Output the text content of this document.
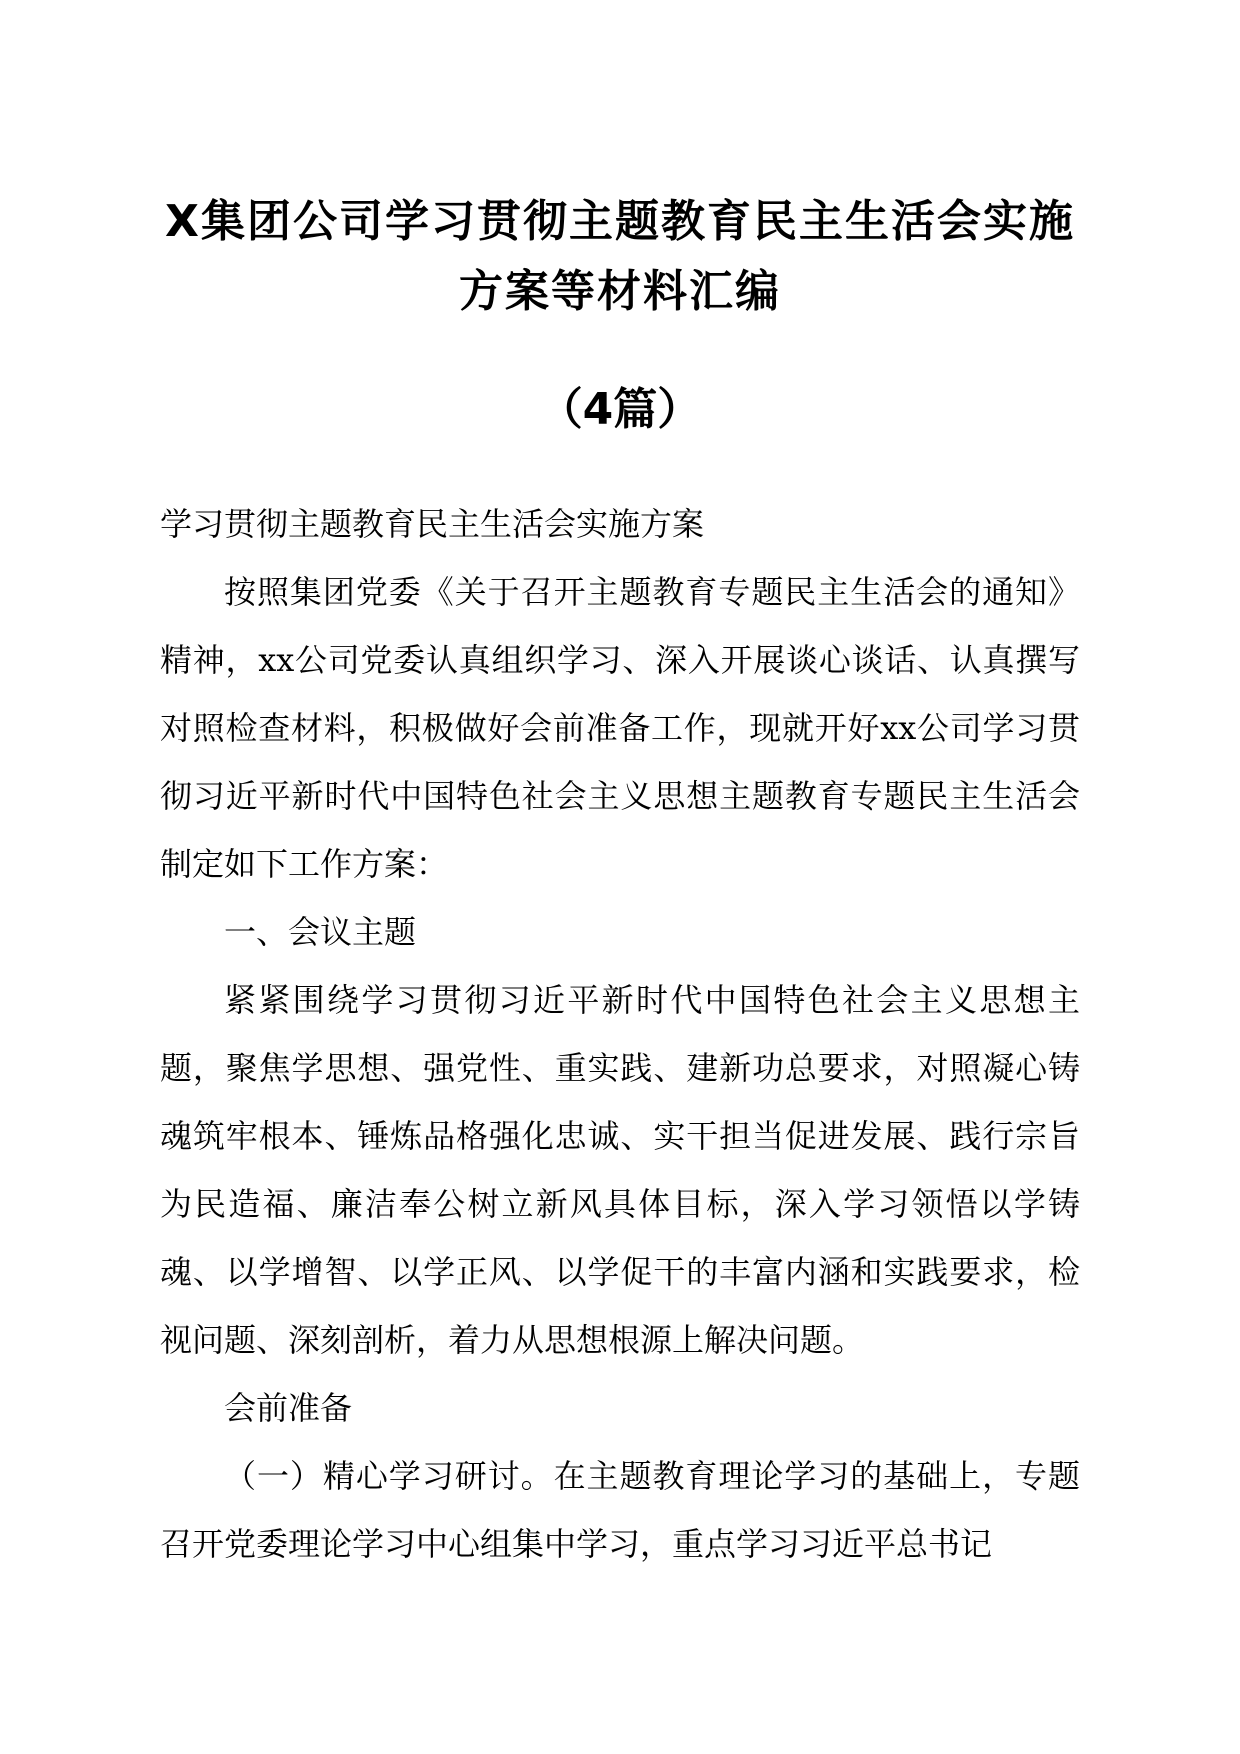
X集团公司学习贯彻主题教育民主生活会实施
方案等材料汇编
（4篇）

学习贯彻主题教育民主生活会实施方案

按照集团党委《关于召开主题教育专题民主生活会的通知》精神，xx公司党委认真组织学习、深入开展谈心谈话、认真撰写对照检查材料，积极做好会前准备工作，现就开好xx公司学习贯彻习近平新时代中国特色社会主义思想主题教育专题民主生活会制定如下工作方案：

一、会议主题

紧紧围绕学习贯彻习近平新时代中国特色社会主义思想主题，聚焦学思想、强党性、重实践、建新功总要求，对照凝心铸魂筑牢根本、锤炼品格强化忠诚、实干担当促进发展、践行宗旨为民造福、廉洁奉公树立新风具体目标，深入学习领悟以学铸魂、以学增智、以学正风、以学促干的丰富内涵和实践要求，检视问题、深刻剖析，着力从思想根源上解决问题。

会前准备

（一）精心学习研讨。在主题教育理论学习的基础上，专题召开党委理论学习中心组集中学习，重点学习习近平总书记
